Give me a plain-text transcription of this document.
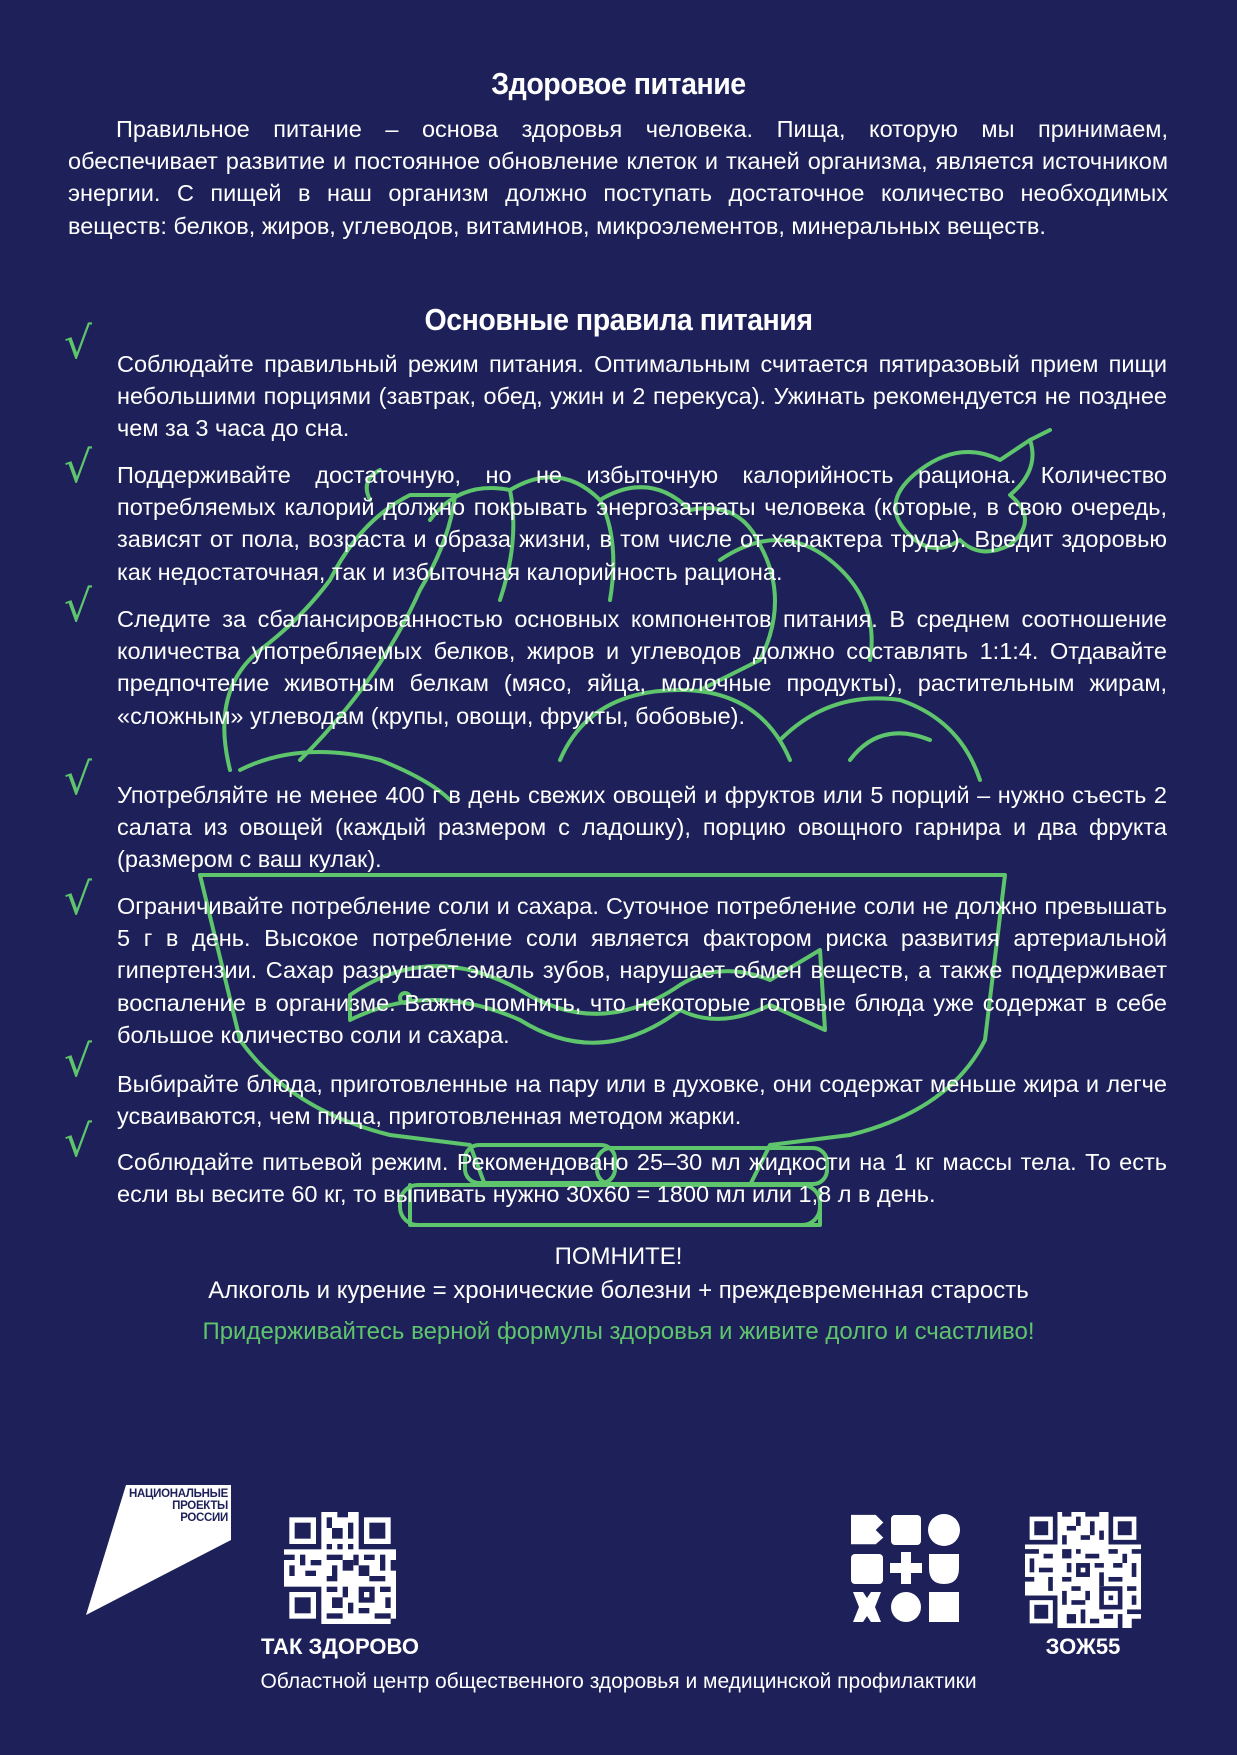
Здоровое питание
Правильное питание – основа здоровья человека. Пища, которую мы принимаем, обеспечивает развитие и постоянное обновление клеток и тканей организма, является источником энергии. С пищей в наш организм должно поступать достаточное количество необходимых веществ: белков, жиров, углеводов, витаминов, микроэлементов, минеральных веществ.
Основные правила питания
√ Соблюдайте правильный режим питания. Оптимальным считается пятиразовый прием пищи небольшими порциями (завтрак, обед, ужин и 2 перекуса). Ужинать рекомендуется не позднее чем за 3 часа до сна.
√ Поддерживайте достаточную, но не избыточную калорийность рациона. Количество потребляемых калорий должно покрывать энергозатраты человека (которые, в свою очередь, зависят от пола, возраста и образа жизни, в том числе от характера труда). Вредит здоровью как недостаточная, так и избыточная калорийность рациона.
√ Следите за сбалансированностью основных компонентов питания. В среднем соотношение количества употребляемых белков, жиров и углеводов должно составлять 1:1:4. Отдавайте предпочтение животным белкам (мясо, яйца, молочные продукты), растительным жирам, «сложным» углеводам (крупы, овощи, фрукты, бобовые).
√ Употребляйте не менее 400 г в день свежих овощей и фруктов или 5 порций – нужно съесть 2 салата из овощей (каждый размером с ладошку), порцию овощного гарнира и два фрукта (размером с ваш кулак).
√ Ограничивайте потребление соли и сахара. Суточное потребление соли не должно превышать 5 г в день. Высокое потребление соли является фактором риска развития артериальной гипертензии. Сахар разрушает эмаль зубов, нарушает обмен веществ, а также поддерживает воспаление в организме. Важно помнить, что некоторые готовые блюда уже содержат в себе большое количество соли и сахара.
√ Выбирайте блюда, приготовленные на пару или в духовке, они содержат меньше жира и легче усваиваются, чем пища, приготовленная методом жарки.
√ Соблюдайте питьевой режим. Рекомендовано 25–30 мл жидкости на 1 кг массы тела. То есть если вы весите 60 кг, то выпивать нужно 30х60 = 1800 мл или 1,8 л в день.
ПОМНИТЕ!
Алкоголь и курение = хронические болезни + преждевременная старость
Придерживайтесь верной формулы здоровья и живите долго и счастливо!
НАЦИОНАЛЬНЫЕ
ПРОЕКТЫ
РОССИИ
ТАК ЗДОРОВО	ЗОЖ55
Областной центр общественного здоровья и медицинской профилактики
